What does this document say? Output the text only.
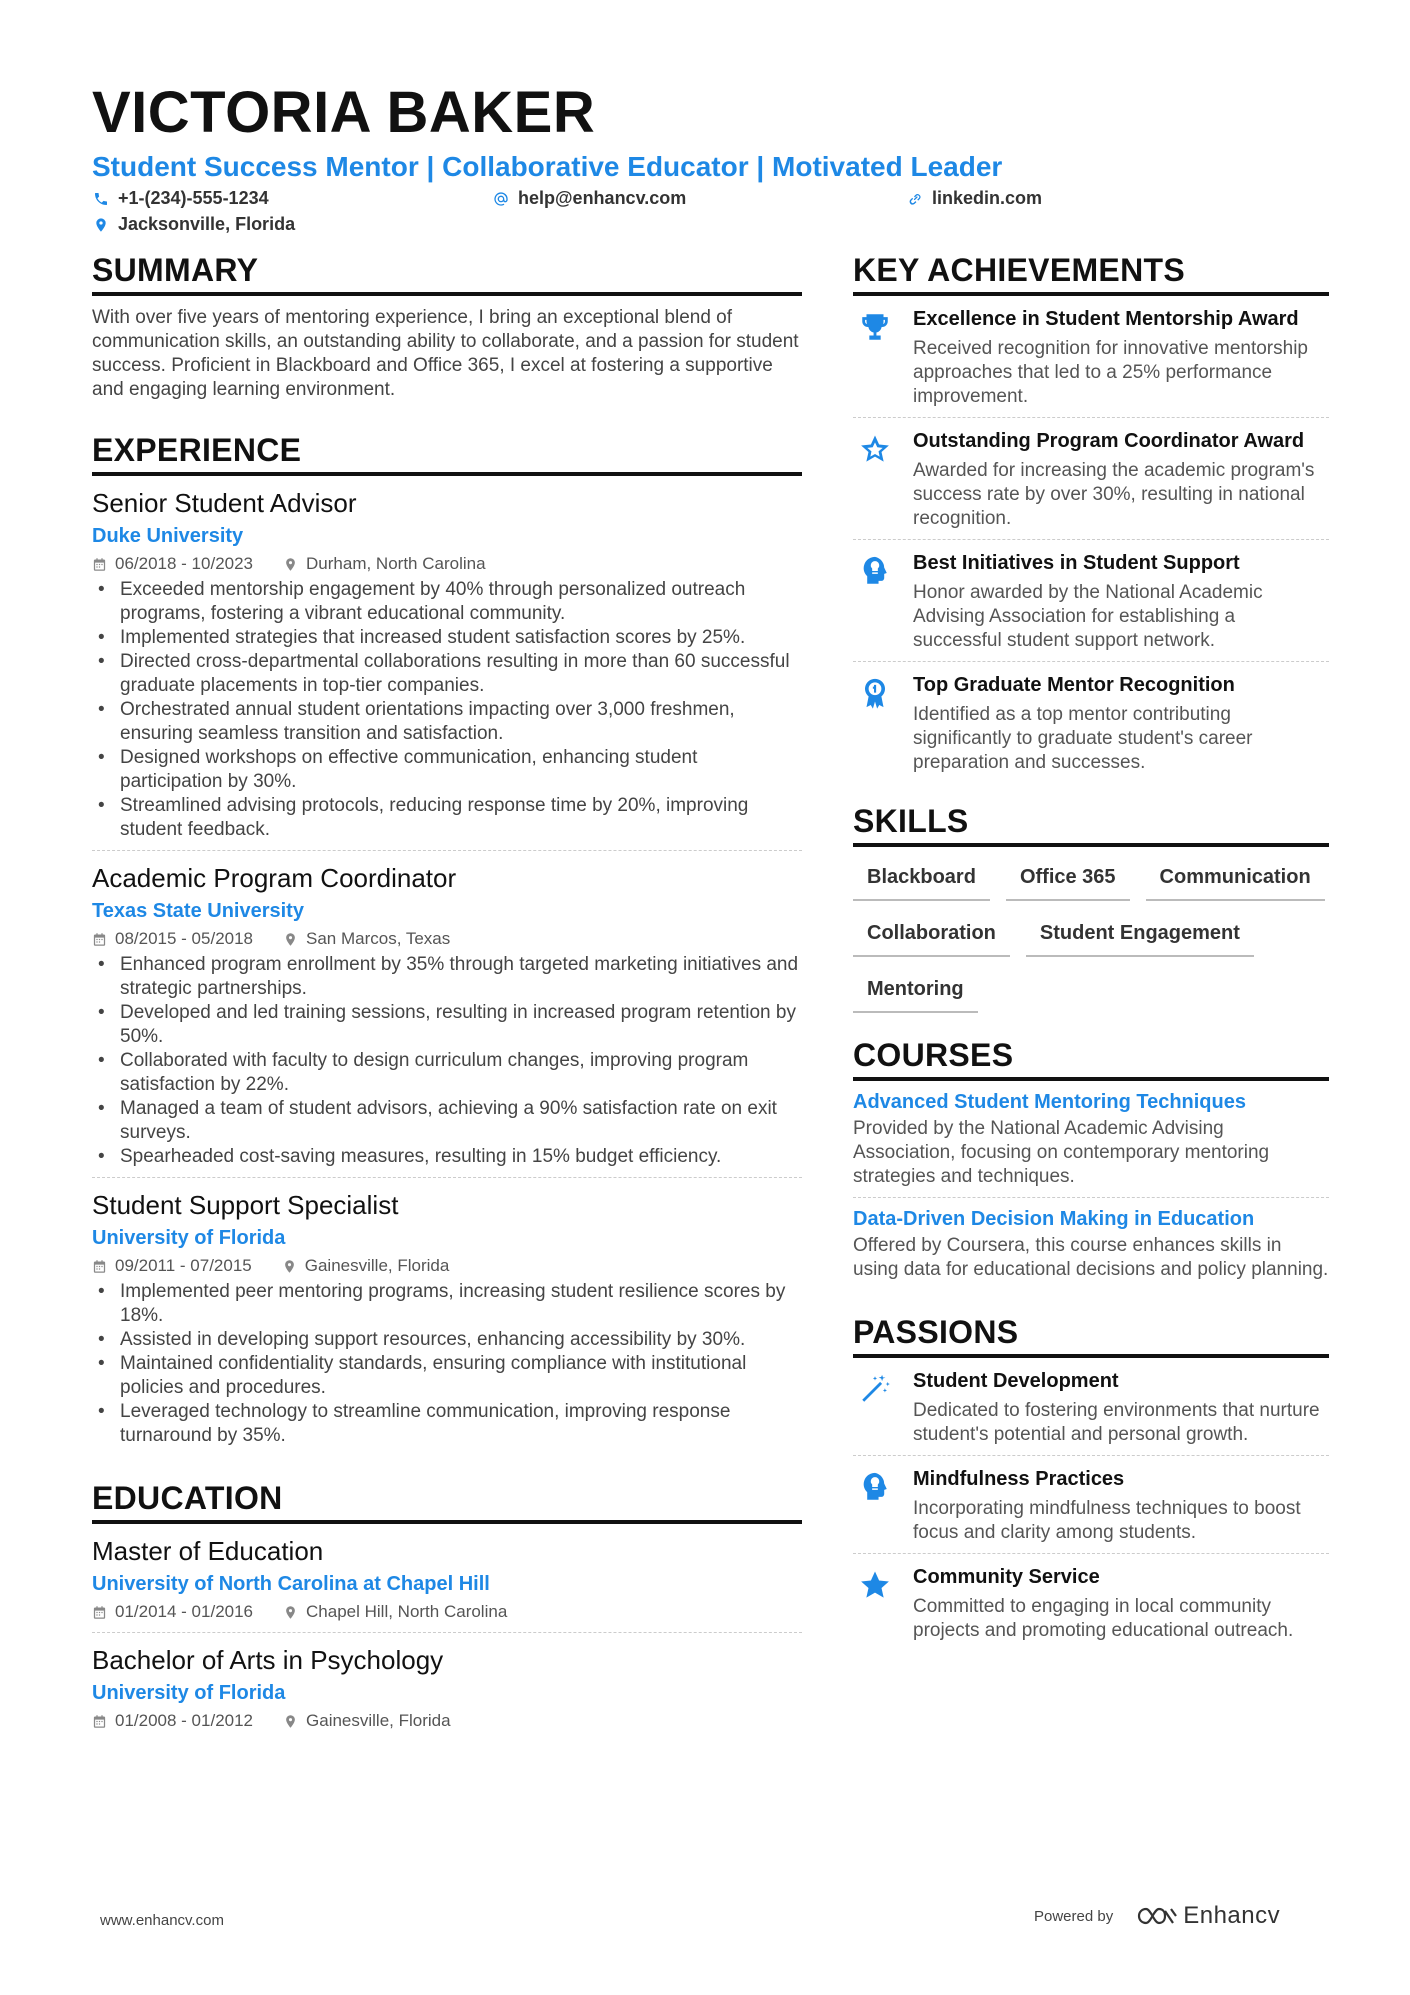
VICTORIA BAKER
Student Success Mentor | Collaborative Educator | Motivated Leader
+1-(234)-555-1234	help@enhancv.com	linkedin.com
Jacksonville, Florida
SUMMARY
With over five years of mentoring experience, I bring an exceptional blend of communication skills, an outstanding ability to collaborate, and a passion for student success. Proficient in Blackboard and Office 365, I excel at fostering a supportive and engaging learning environment.
EXPERIENCE
Senior Student Advisor
Duke University
06/2018 - 10/2023	Durham, North Carolina
• Exceeded mentorship engagement by 40% through personalized outreach programs, fostering a vibrant educational community.
• Implemented strategies that increased student satisfaction scores by 25%.
• Directed cross-departmental collaborations resulting in more than 60 successful graduate placements in top-tier companies.
• Orchestrated annual student orientations impacting over 3,000 freshmen, ensuring seamless transition and satisfaction.
• Designed workshops on effective communication, enhancing student participation by 30%.
• Streamlined advising protocols, reducing response time by 20%, improving student feedback.
Academic Program Coordinator
Texas State University
08/2015 - 05/2018	San Marcos, Texas
• Enhanced program enrollment by 35% through targeted marketing initiatives and strategic partnerships.
• Developed and led training sessions, resulting in increased program retention by 50%.
• Collaborated with faculty to design curriculum changes, improving program satisfaction by 22%.
• Managed a team of student advisors, achieving a 90% satisfaction rate on exit surveys.
• Spearheaded cost-saving measures, resulting in 15% budget efficiency.
Student Support Specialist
University of Florida
09/2011 - 07/2015	Gainesville, Florida
• Implemented peer mentoring programs, increasing student resilience scores by 18%.
• Assisted in developing support resources, enhancing accessibility by 30%.
• Maintained confidentiality standards, ensuring compliance with institutional policies and procedures.
• Leveraged technology to streamline communication, improving response turnaround by 35%.
EDUCATION
Master of Education
University of North Carolina at Chapel Hill
01/2014 - 01/2016	Chapel Hill, North Carolina
Bachelor of Arts in Psychology
University of Florida
01/2008 - 01/2012	Gainesville, Florida
KEY ACHIEVEMENTS
Excellence in Student Mentorship Award
Received recognition for innovative mentorship approaches that led to a 25% performance improvement.
Outstanding Program Coordinator Award
Awarded for increasing the academic program's success rate by over 30%, resulting in national recognition.
Best Initiatives in Student Support
Honor awarded by the National Academic Advising Association for establishing a successful student support network.
Top Graduate Mentor Recognition
Identified as a top mentor contributing significantly to graduate student's career preparation and successes.
SKILLS
Blackboard	Office 365	Communication
Collaboration	Student Engagement
Mentoring
COURSES
Advanced Student Mentoring Techniques
Provided by the National Academic Advising Association, focusing on contemporary mentoring strategies and techniques.
Data-Driven Decision Making in Education
Offered by Coursera, this course enhances skills in using data for educational decisions and policy planning.
PASSIONS
Student Development
Dedicated to fostering environments that nurture student's potential and personal growth.
Mindfulness Practices
Incorporating mindfulness techniques to boost focus and clarity among students.
Community Service
Committed to engaging in local community projects and promoting educational outreach.
www.enhancv.com	Powered by	Enhancv
